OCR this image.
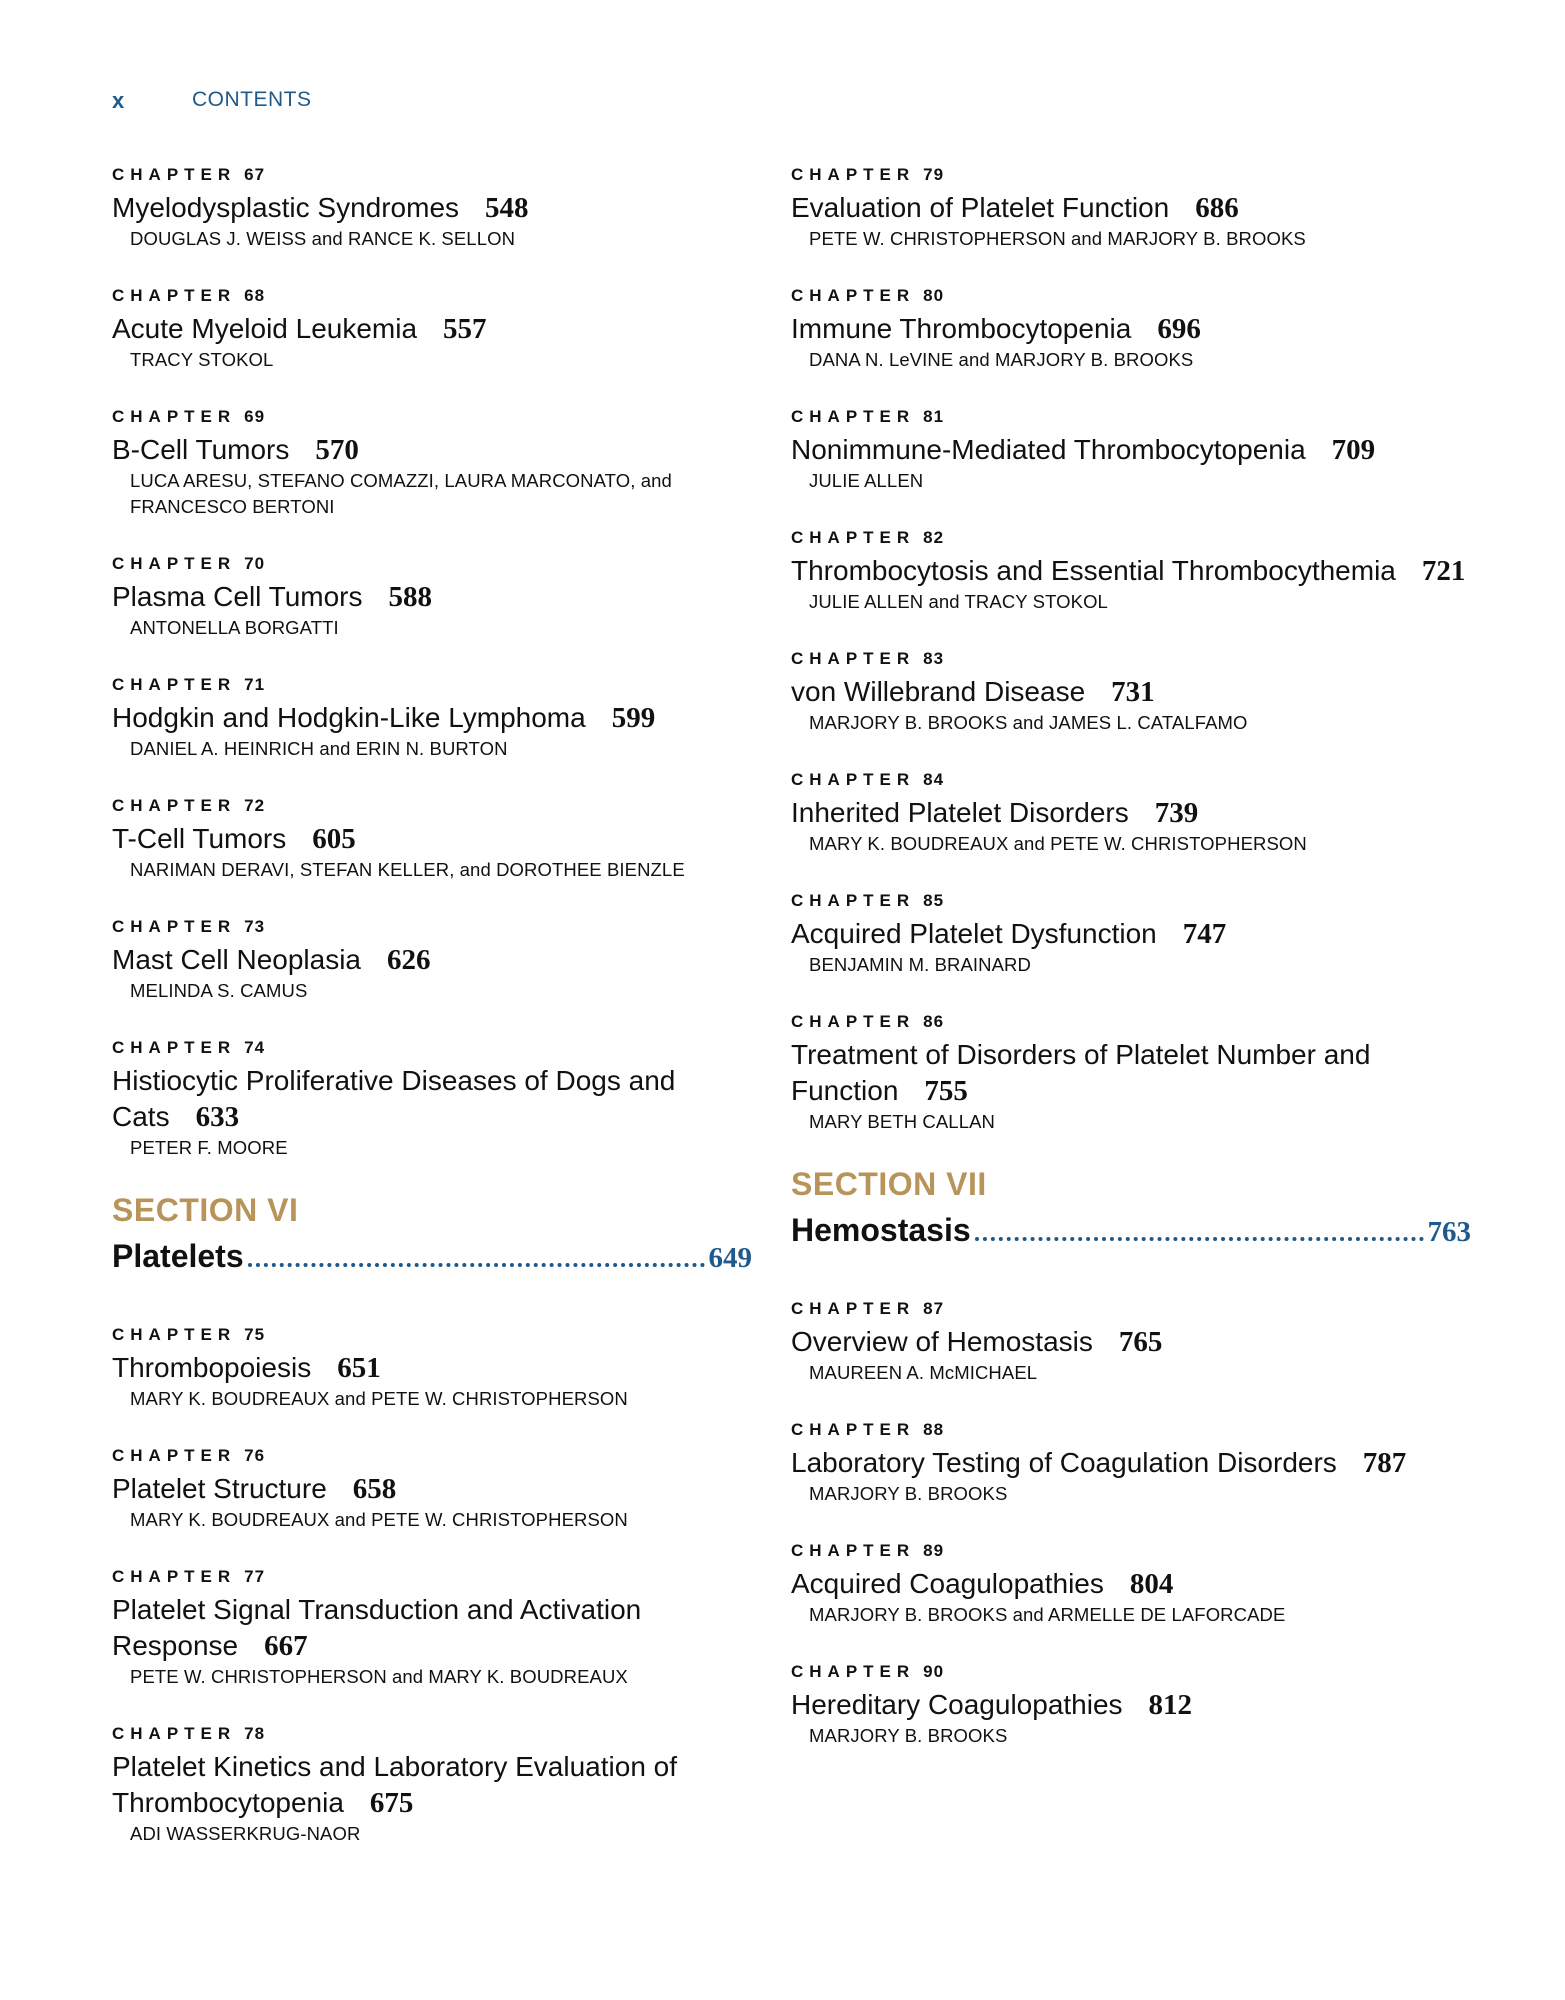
x	CONTENTS
CHAPTER 67
Myelodysplastic Syndromes 548
DOUGLAS J. WEISS and RANCE K. SELLON
CHAPTER 68
Acute Myeloid Leukemia 557
TRACY STOKOL
CHAPTER 69
B-Cell Tumors 570
LUCA ARESU, STEFANO COMAZZI, LAURA MARCONATO, and FRANCESCO BERTONI
CHAPTER 70
Plasma Cell Tumors 588
ANTONELLA BORGATTI
CHAPTER 71
Hodgkin and Hodgkin-Like Lymphoma 599
DANIEL A. HEINRICH and ERIN N. BURTON
CHAPTER 72
T-Cell Tumors 605
NARIMAN DERAVI, STEFAN KELLER, and DOROTHEE BIENZLE
CHAPTER 73
Mast Cell Neoplasia 626
MELINDA S. CAMUS
CHAPTER 74
Histiocytic Proliferative Diseases of Dogs and Cats 633
PETER F. MOORE
SECTION VI
Platelets	649
CHAPTER 75
Thrombopoiesis 651
MARY K. BOUDREAUX and PETE W. CHRISTOPHERSON
CHAPTER 76
Platelet Structure 658
MARY K. BOUDREAUX and PETE W. CHRISTOPHERSON
CHAPTER 77
Platelet Signal Transduction and Activation Response 667
PETE W. CHRISTOPHERSON and MARY K. BOUDREAUX
CHAPTER 78
Platelet Kinetics and Laboratory Evaluation of Thrombocytopenia 675
ADI WASSERKRUG-NAOR
CHAPTER 79
Evaluation of Platelet Function 686
PETE W. CHRISTOPHERSON and MARJORY B. BROOKS
CHAPTER 80
Immune Thrombocytopenia 696
DANA N. LeVINE and MARJORY B. BROOKS
CHAPTER 81
Nonimmune-Mediated Thrombocytopenia 709
JULIE ALLEN
CHAPTER 82
Thrombocytosis and Essential Thrombocythemia 721
JULIE ALLEN and TRACY STOKOL
CHAPTER 83
von Willebrand Disease 731
MARJORY B. BROOKS and JAMES L. CATALFAMO
CHAPTER 84
Inherited Platelet Disorders 739
MARY K. BOUDREAUX and PETE W. CHRISTOPHERSON
CHAPTER 85
Acquired Platelet Dysfunction 747
BENJAMIN M. BRAINARD
CHAPTER 86
Treatment of Disorders of Platelet Number and Function 755
MARY BETH CALLAN
SECTION VII
Hemostasis	763
CHAPTER 87
Overview of Hemostasis 765
MAUREEN A. McMICHAEL
CHAPTER 88
Laboratory Testing of Coagulation Disorders 787
MARJORY B. BROOKS
CHAPTER 89
Acquired Coagulopathies 804
MARJORY B. BROOKS and ARMELLE DE LAFORCADE
CHAPTER 90
Hereditary Coagulopathies 812
MARJORY B. BROOKS
